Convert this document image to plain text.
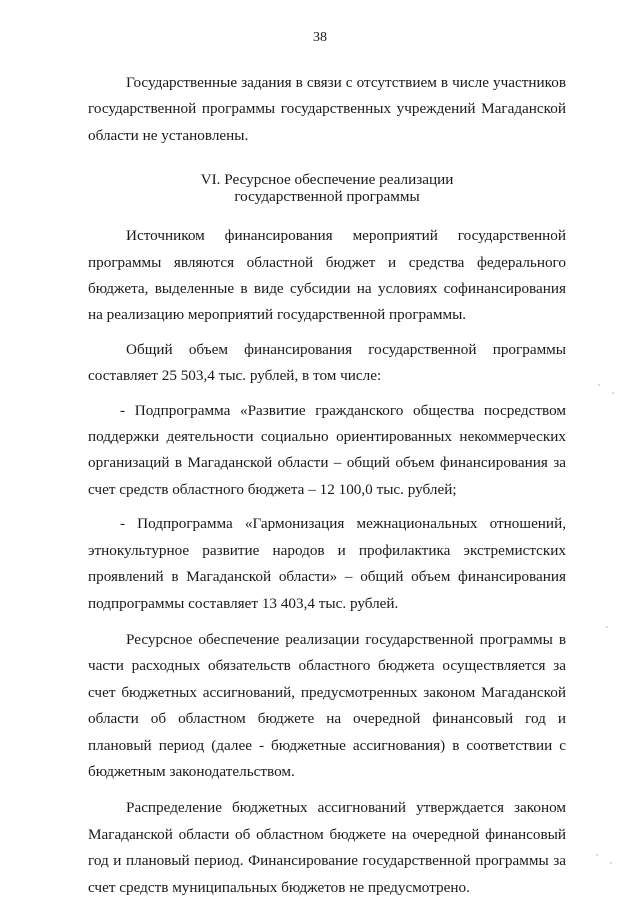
38

Государственные задания в связи с отсутствием в числе участников государственной программы государственных учреждений Магаданской области не установлены.

VI. Ресурсное обеспечение реализации
государственной программы

Источником финансирования мероприятий государственной программы являются областной бюджет и средства федерального бюджета, выделенные в виде субсидии на условиях софинансирования на реализацию мероприятий государственной программы.

Общий объем финансирования государственной программы составляет 25 503,4 тыс. рублей, в том числе:

- Подпрограмма «Развитие гражданского общества посредством поддержки деятельности социально ориентированных некоммерческих организаций в Магаданской области – общий объем финансирования за счет средств областного бюджета – 12 100,0 тыс. рублей;

- Подпрограмма «Гармонизация межнациональных отношений, этнокультурное развитие народов и профилактика экстремистских проявлений в Магаданской области» – общий объем финансирования подпрограммы составляет 13 403,4 тыс. рублей.

Ресурсное обеспечение реализации государственной программы в части расходных обязательств областного бюджета осуществляется за счет бюджетных ассигнований, предусмотренных законом Магаданской области об областном бюджете на очередной финансовый год и плановый период (далее - бюджетные ассигнования) в соответствии с бюджетным законодательством.

Распределение бюджетных ассигнований утверждается законом Магаданской области об областном бюджете на очередной финансовый год и плановый период. Финансирование государственной программы за счет средств муниципальных бюджетов не предусмотрено.
